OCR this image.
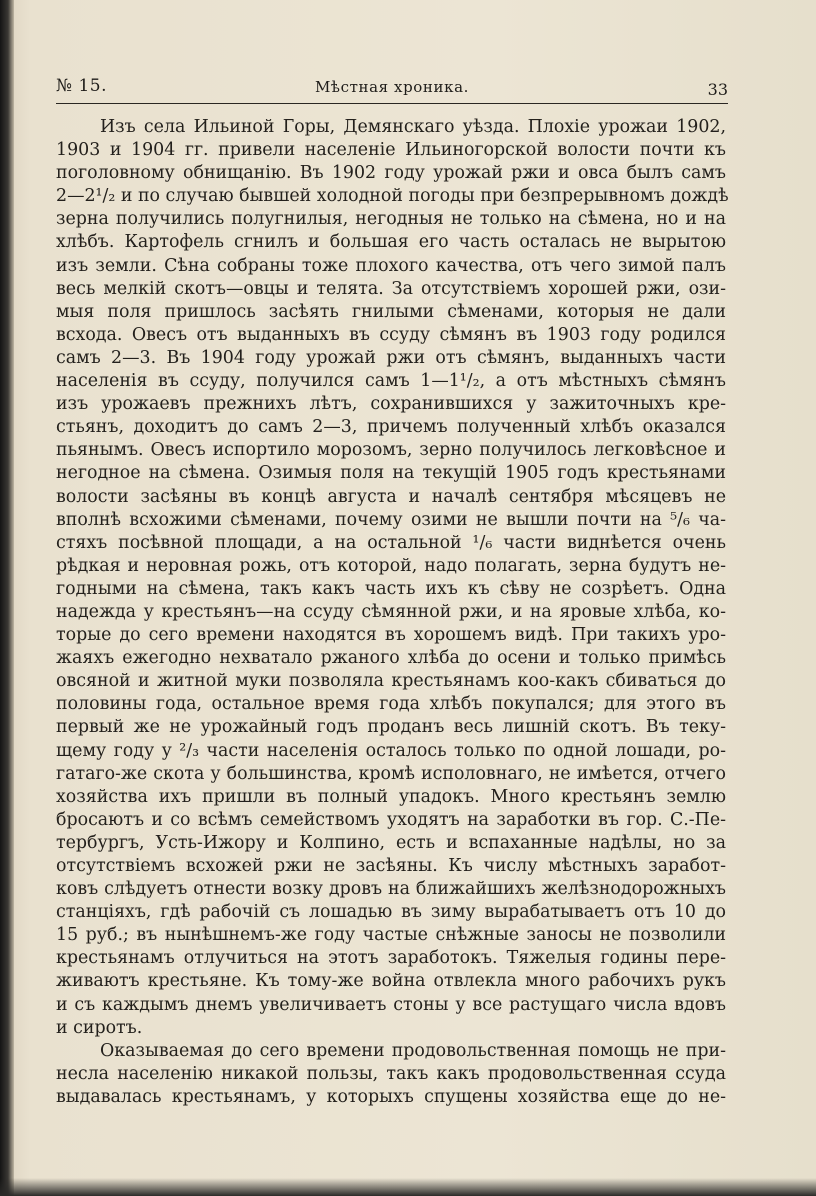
№ 15.	Мѣстная хроника.	33
Изъ села Ильиной Горы, Демянскаго уѣзда. Плохіе урожаи 1902,
1903 и 1904 гг. привели населеніе Ильиногорской волости почти къ
поголовному обнищанію. Въ 1902 году урожай ржи и овса былъ самъ
2—2¹/₂ и по случаю бывшей холодной погоды при безпрерывномъ дождѣ
зерна получились полугнилыя, негодныя не только на сѣмена, но и на
хлѣбъ. Картофель сгнилъ и большая его часть осталась не вырытою
изъ земли. Сѣна собраны тоже плохого качества, отъ чего зимой палъ
весь мелкій скотъ—овцы и телята. За отсутствіемъ хорошей ржи, ози-
мыя поля пришлось засѣять гнилыми сѣменами, которыя не дали
всхода. Овесъ отъ выданныхъ въ ссуду сѣмянъ въ 1903 году родился
самъ 2—3. Въ 1904 году урожай ржи отъ сѣмянъ, выданныхъ части
населенія въ ссуду, получился самъ 1—1¹/₂, а отъ мѣстныхъ сѣмянъ
изъ урожаевъ прежнихъ лѣтъ, сохранившихся у зажиточныхъ кре-
стьянъ, доходитъ до самъ 2—3, причемъ полученный хлѣбъ оказался
пьянымъ. Овесъ испортило морозомъ, зерно получилось легковѣсное и
негодное на сѣмена. Озимыя поля на текущій 1905 годъ крестьянами
волости засѣяны въ концѣ августа и началѣ сентября мѣсяцевъ не
вполнѣ всхожими сѣменами, почему озими не вышли почти на ⁵/₆ ча-
стяхъ посѣвной площади, а на остальной ¹/₆ части виднѣется очень
рѣдкая и неровная рожь, отъ которой, надо полагать, зерна будутъ не-
годными на сѣмена, такъ какъ часть ихъ къ сѣву не созрѣетъ. Одна
надежда у крестьянъ—на ссуду сѣмянной ржи, и на яровые хлѣба, ко-
торые до сего времени находятся въ хорошемъ видѣ. При такихъ уро-
жаяхъ ежегодно нехватало ржаного хлѣба до осени и только примѣсь
овсяной и житной муки позволяла крестьянамъ коо-какъ сбиваться до
половины года, остальное время года хлѣбъ покупался; для этого въ
первый же не урожайный годъ проданъ весь лишній скотъ. Въ теку-
щему году у ²/₃ части населенія осталось только по одной лошади, ро-
гатаго-же скота у большинства, кромѣ исполовнаго, не имѣется, отчего
хозяйства ихъ пришли въ полный упадокъ. Много крестьянъ землю
бросаютъ и со всѣмъ семействомъ уходятъ на заработки въ гор. С.-Пе-
тербургъ, Усть-Ижору и Колпино, есть и вспаханные надѣлы, но за
отсутствіемъ всхожей ржи не засѣяны. Къ числу мѣстныхъ заработ-
ковъ слѣдуетъ отнести возку дровъ на ближайшихъ желѣзнодорожныхъ
станціяхъ, гдѣ рабочій съ лошадью въ зиму вырабатываетъ отъ 10 до
15 руб.; въ нынѣшнемъ-же году частые снѣжные заносы не позволили
крестьянамъ отлучиться на этотъ заработокъ. Тяжелыя годины пере-
живаютъ крестьяне. Къ тому-же война отвлекла много рабочихъ рукъ
и съ каждымъ днемъ увеличиваетъ стоны у все растущаго числа вдовъ
и сиротъ.
Оказываемая до сего времени продовольственная помощь не при-
несла населенію никакой пользы, такъ какъ продовольственная ссуда
выдавалась крестьянамъ, у которыхъ спущены хозяйства еще до не-
